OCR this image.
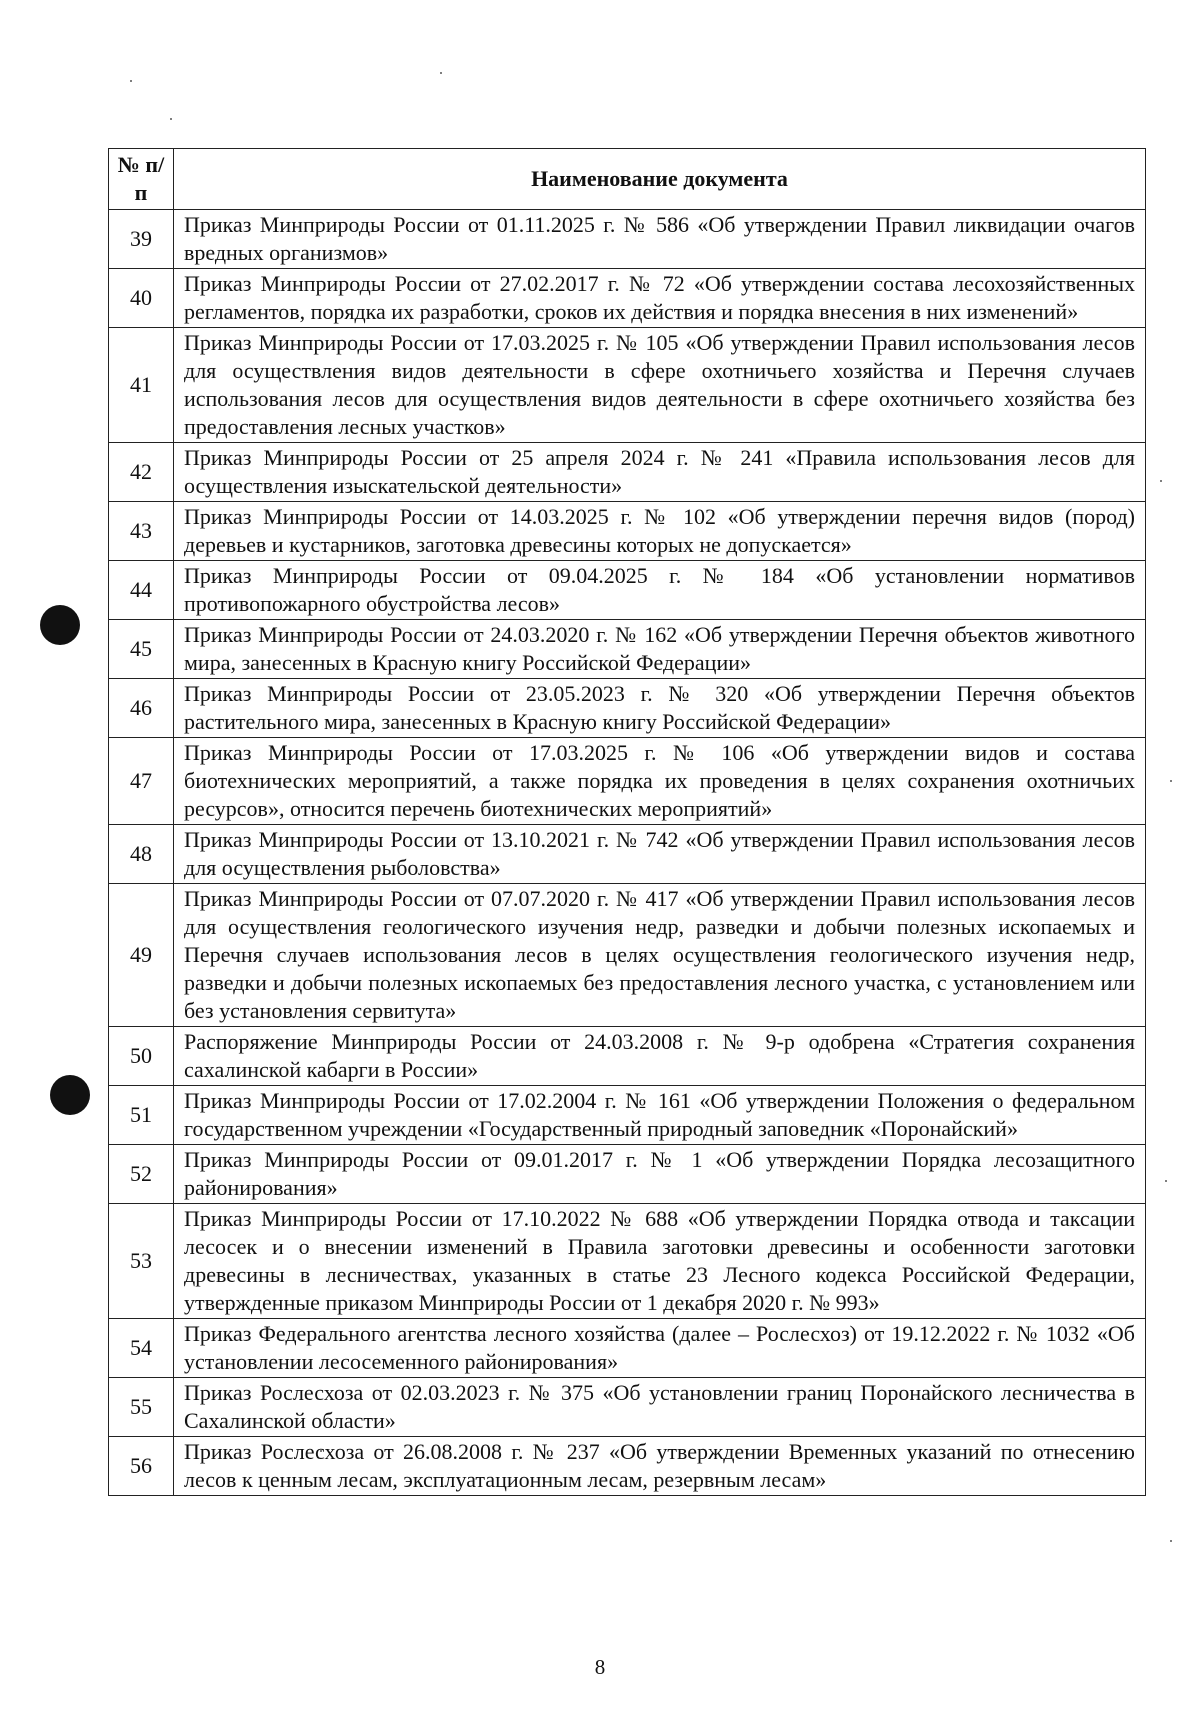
№ п/п	Наименование документа
39	Приказ Минприроды России от 01.11.2025 г. № 586 «Об утверждении Правил ликвидации очагов вредных организмов»
40	Приказ Минприроды России от 27.02.2017 г. № 72 «Об утверждении состава лесохозяйственных регламентов, порядка их разработки, сроков их действия и порядка внесения в них изменений»
41	Приказ Минприроды России от 17.03.2025 г. № 105 «Об утверждении Правил использования лесов для осуществления видов деятельности в сфере охотничьего хозяйства и Перечня случаев использования лесов для осуществления видов деятельности в сфере охотничьего хозяйства без предоставления лесных участков»
42	Приказ Минприроды России от 25 апреля 2024 г. № 241 «Правила использования лесов для осуществления изыскательской деятельности»
43	Приказ Минприроды России от 14.03.2025 г. № 102 «Об утверждении перечня видов (пород) деревьев и кустарников, заготовка древесины которых не допускается»
44	Приказ Минприроды России от 09.04.2025 г. № 184 «Об установлении нормативов противопожарного обустройства лесов»
45	Приказ Минприроды России от 24.03.2020 г. № 162 «Об утверждении Перечня объектов животного мира, занесенных в Красную книгу Российской Федерации»
46	Приказ Минприроды России от 23.05.2023 г. № 320 «Об утверждении Перечня объектов растительного мира, занесенных в Красную книгу Российской Федерации»
47	Приказ Минприроды России от 17.03.2025 г. № 106 «Об утверждении видов и состава биотехнических мероприятий, а также порядка их проведения в целях сохранения охотничьих ресурсов», относится перечень биотехнических мероприятий»
48	Приказ Минприроды России от 13.10.2021 г. № 742 «Об утверждении Правил использования лесов для осуществления рыболовства»
49	Приказ Минприроды России от 07.07.2020 г. № 417 «Об утверждении Правил использования лесов для осуществления геологического изучения недр, разведки и добычи полезных ископаемых и Перечня случаев использования лесов в целях осуществления геологического изучения недр, разведки и добычи полезных ископаемых без предоставления лесного участка, с установлением или без установления сервитута»
50	Распоряжение Минприроды России от 24.03.2008 г. № 9-р одобрена «Стратегия сохранения сахалинской кабарги в России»
51	Приказ Минприроды России от 17.02.2004 г. № 161 «Об утверждении Положения о федеральном государственном учреждении «Государственный природный заповедник «Поронайский»
52	Приказ Минприроды России от 09.01.2017 г. № 1 «Об утверждении Порядка лесозащитного районирования»
53	Приказ Минприроды России от 17.10.2022 № 688 «Об утверждении Порядка отвода и таксации лесосек и о внесении изменений в Правила заготовки древесины и особенности заготовки древесины в лесничествах, указанных в статье 23 Лесного кодекса Российской Федерации, утвержденные приказом Минприроды России от 1 декабря 2020 г. № 993»
54	Приказ Федерального агентства лесного хозяйства (далее – Рослесхоз) от 19.12.2022 г. № 1032 «Об установлении лесосеменного районирования»
55	Приказ Рослесхоза от 02.03.2023 г. № 375 «Об установлении границ Поронайского лесничества в Сахалинской области»
56	Приказ Рослесхоза от 26.08.2008 г. № 237 «Об утверждении Временных указаний по отнесению лесов к ценным лесам, эксплуатационным лесам, резервным лесам»
8
